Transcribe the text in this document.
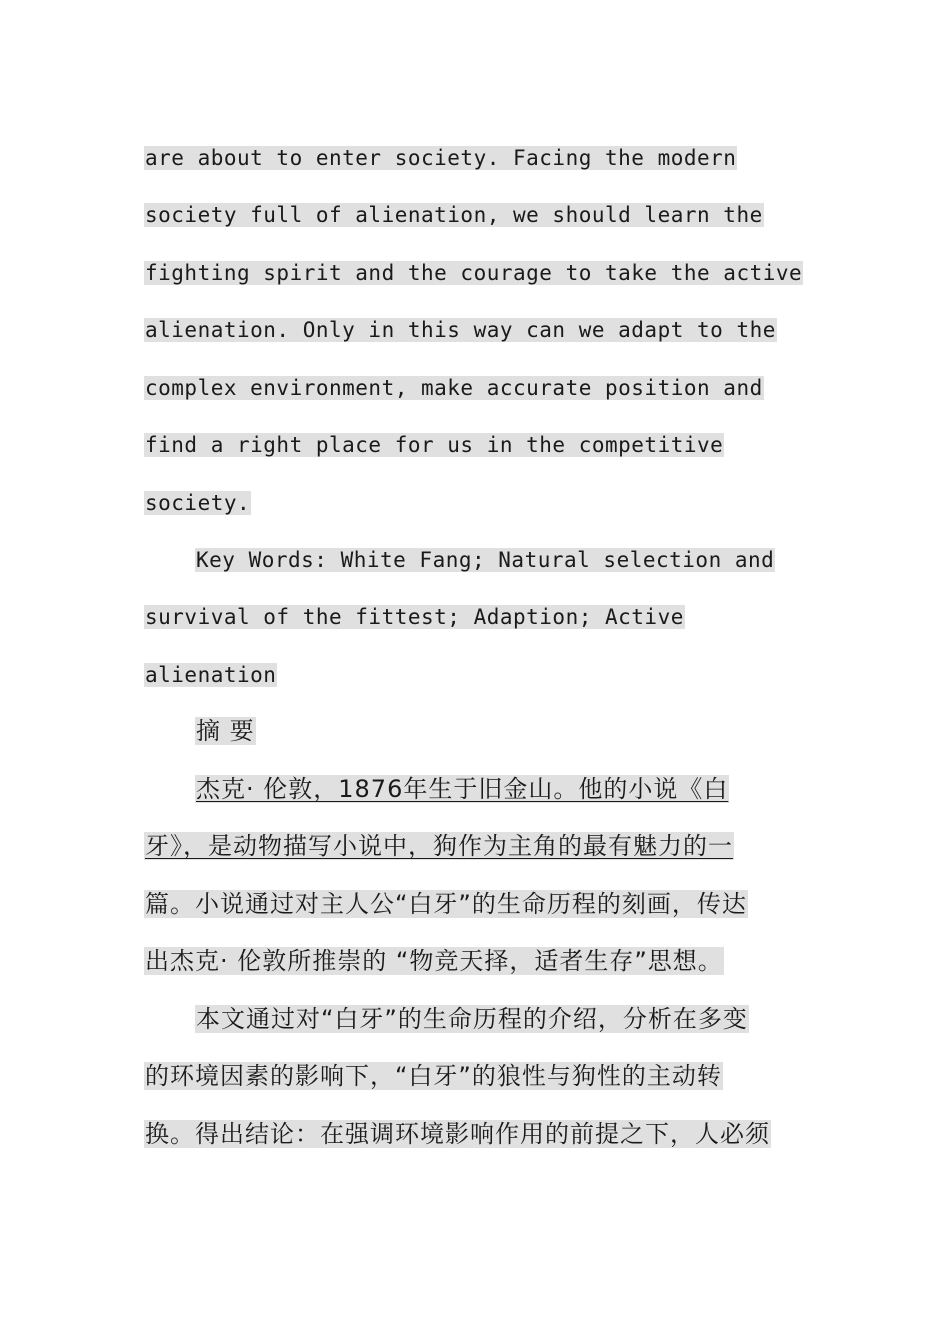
are about to enter society. Facing the modern
society full of alienation, we should learn the
fighting spirit and the courage to take the active
alienation. Only in this way can we adapt to the
complex environment, make accurate position and
find a right place for us in the competitive
society.
Key Words: White Fang; Natural selection and
survival of the fittest; Adaption; Active
alienation
摘 要
杰克· 伦敦，1876年生于旧金山。他的小说《白
牙》，是动物描写小说中，狗作为主角的最有魅力的一
篇。小说通过对主人公“白牙”的生命历程的刻画，传达
出杰克· 伦敦所推崇的 “物竞天择，适者生存”思想。
本文通过对“白牙”的生命历程的介绍，分析在多变
的环境因素的影响下，“白牙”的狼性与狗性的主动转
换。得出结论：在强调环境影响作用的前提之下，人必须
